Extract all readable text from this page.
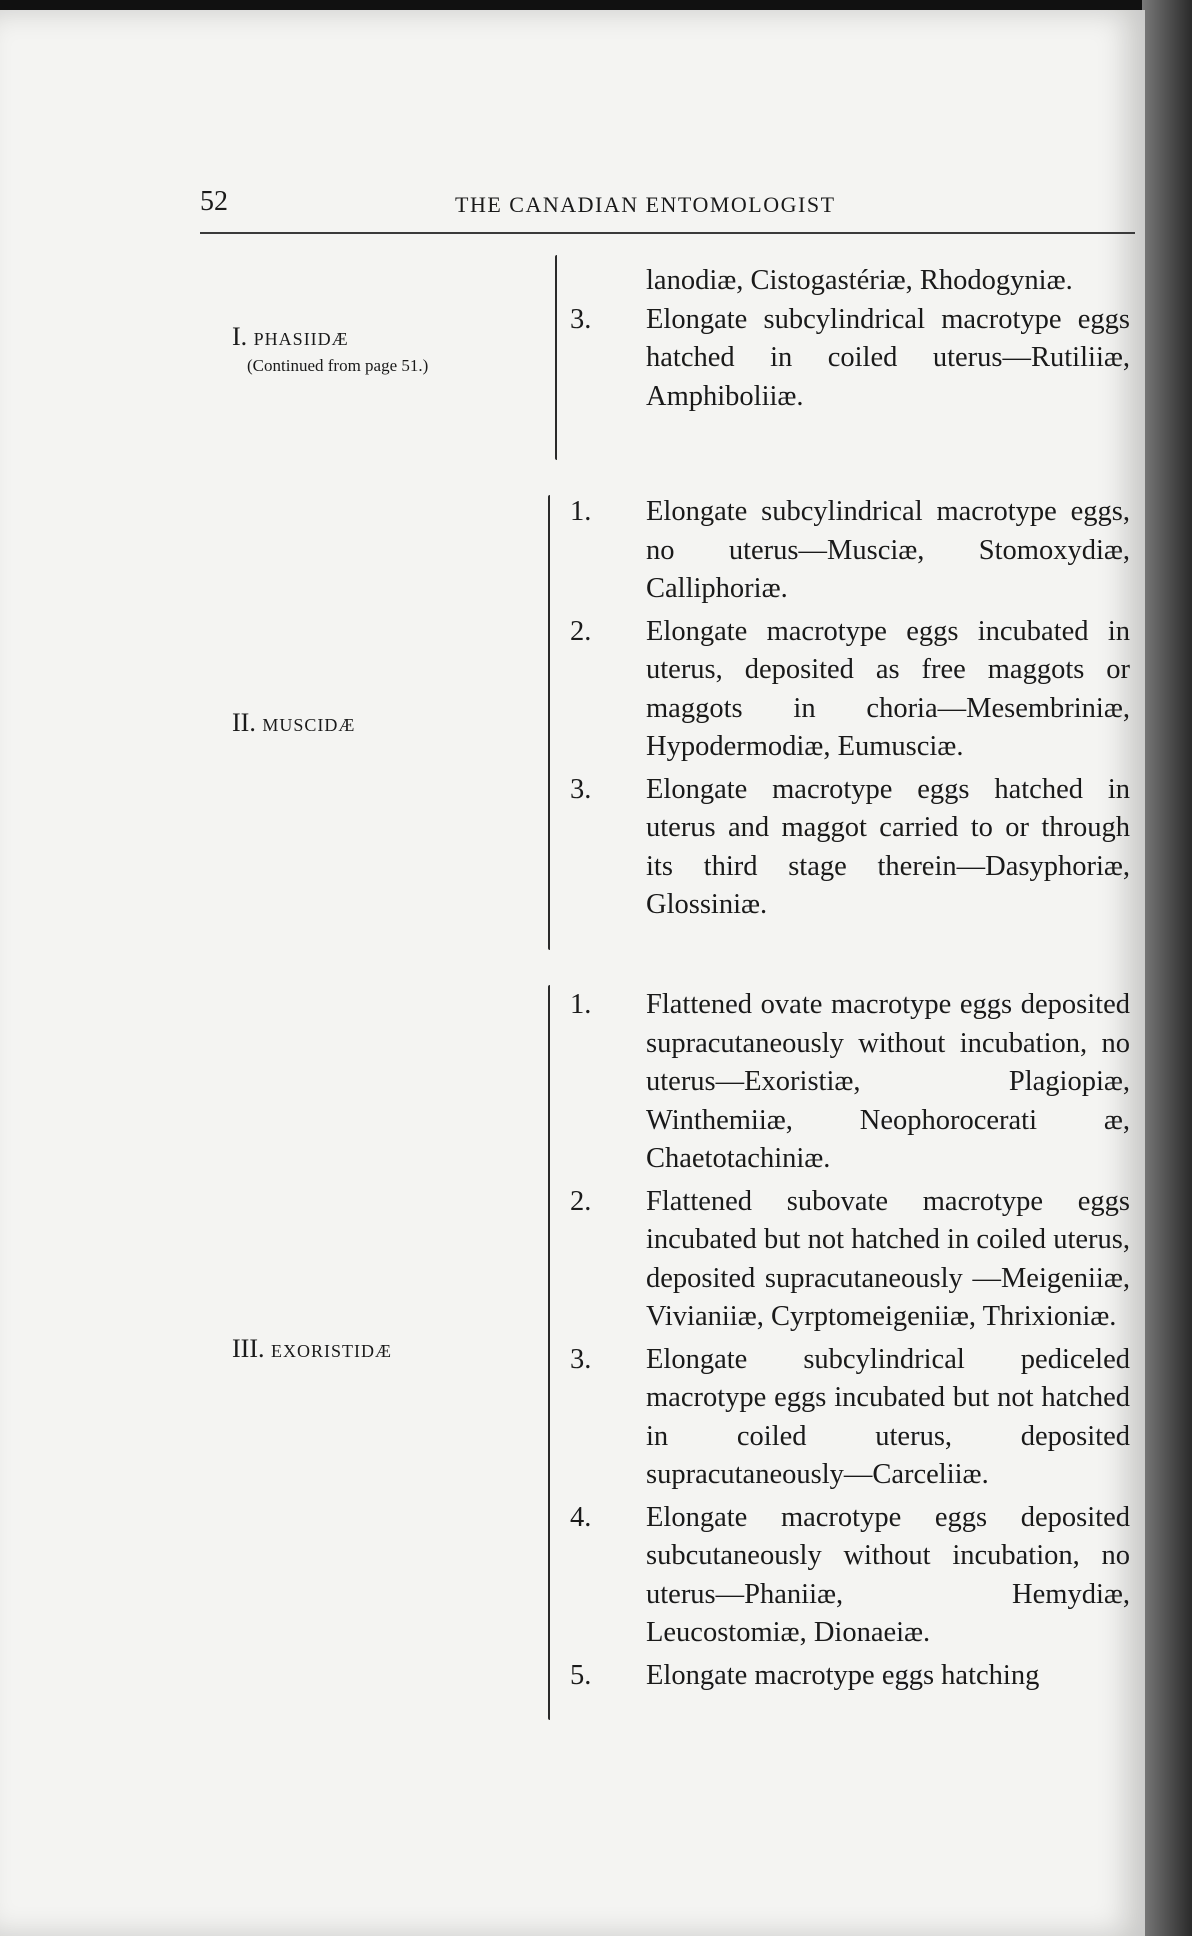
52	THE CANADIAN ENTOMOLOGIST
I. PHASIIDÆ
(Continued from page 51.)
lanodiæ, Cistogastériæ, Rhodogyniæ.
3. Elongate subcylindrical macrotype eggs hatched in coiled uterus—Rutiliiæ, Amphiboliiæ.
II. MUSCIDÆ
1. Elongate subcylindrical macrotype eggs, no uterus—Musciæ, Stomoxydiæ, Calliphoriæ.
2. Elongate macrotype eggs incubated in uterus, deposited as free maggots or maggots in choria—Mesembriniæ, Hypodermodiæ, Eumusciæ.
3. Elongate macrotype eggs hatched in uterus and maggot carried to or through its third stage therein—Dasyphoriæ, Glossiniæ.
III. EXORISTIDÆ
1. Flattened ovate macrotype eggs deposited supracutaneously without incubation, no uterus—Exoristiæ, Plagiopiæ, Winthemiiæ, Neophorocerati æ, Chaetotachiniæ.
2. Flattened subovate macrotype eggs incubated but not hatched in coiled uterus, deposited supracutaneously —Meigeniiæ, Vivianiiæ, Cyrptomeigeniiæ, Thrixioniæ.
3. Elongate subcylindrical pediceled macrotype eggs incubated but not hatched in coiled uterus, deposited supracutaneously—Carceliiæ.
4. Elongate macrotype eggs deposited subcutaneously without incubation, no uterus—Phaniiæ, Hemydiæ, Leucostomiæ, Dionaeiæ.
5. Elongate macrotype eggs hatching
